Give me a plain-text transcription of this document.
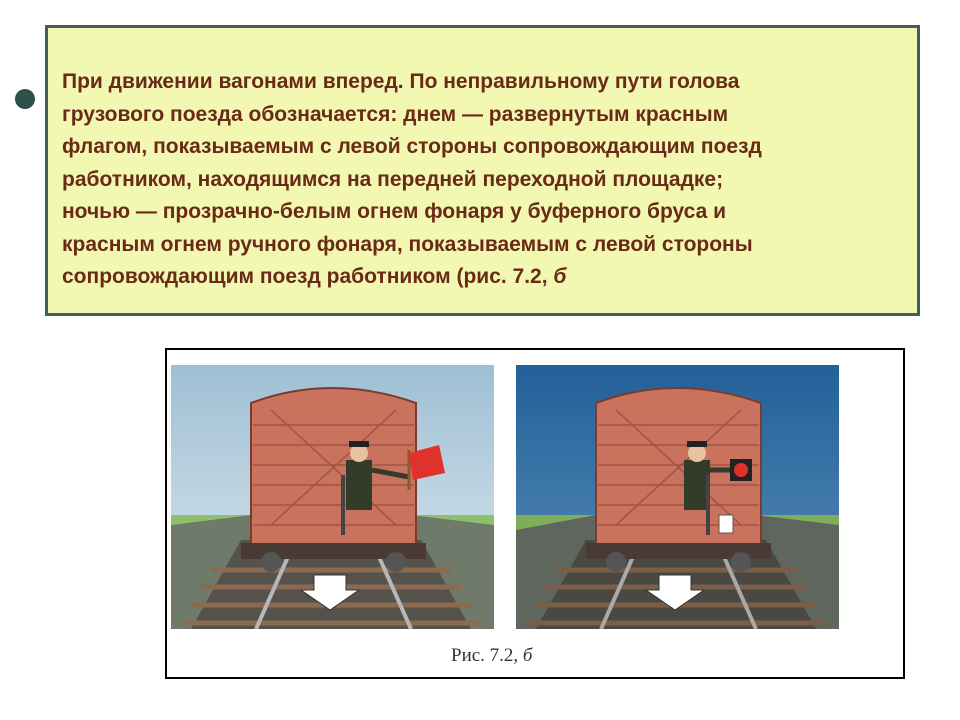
При движении вагонами вперед. По неправильному пути голова
грузового поезда обозначается: днем — развернутым красным
флагом, показываемым с левой стороны сопровождающим поезд
работником, находящимся на передней переходной площадке;
ночью — прозрачно-белым огнем фонаря у буферного бруса и
красным огнем ручного фонаря, показываемым с левой стороны
сопровождающим поезд работником (рис. 7.2, б

Рис. 7.2, б
